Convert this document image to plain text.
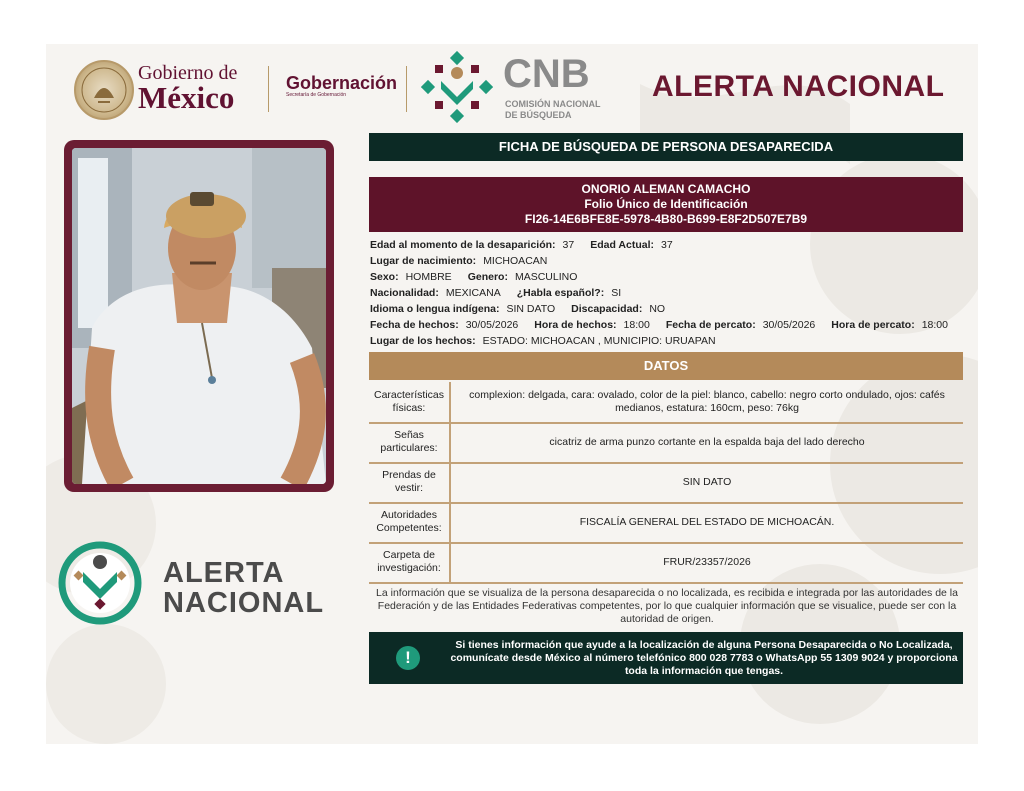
Gobierno de
México	Gobernación
Secretaría de Gobernación	CNB
COMISIÓN NACIONAL
DE BÚSQUEDA
ALERTA NACIONAL
ALERTA
NACIONAL
FICHA DE BÚSQUEDA DE PERSONA DESAPARECIDA
ONORIO ALEMAN CAMACHO
Folio Único de Identificación
FI26-14E6BFE8E-5978-4B80-B699-E8F2D507E7B9
Edad al momento de la desaparición: 37 Edad Actual: 37
Lugar de nacimiento: MICHOACAN
Sexo: HOMBRE Genero: MASCULINO
Nacionalidad: MEXICANA ¿Habla español?: SI
Idioma o lengua indígena: SIN DATO Discapacidad: NO
Fecha de hechos: 30/05/2026 Hora de hechos: 18:00 Fecha de percato: 30/05/2026 Hora de percato: 18:00
Lugar de los hechos: ESTADO: MICHOACAN , MUNICIPIO: URUAPAN
DATOS
Características físicas:
complexion: delgada, cara: ovalado, color de la piel: blanco, cabello: negro corto ondulado, ojos: cafés medianos, estatura: 160cm, peso: 76kg
Señas particulares:
cicatriz de arma punzo cortante en la espalda baja del lado derecho
Prendas de vestir:
SIN DATO
Autoridades Competentes:
FISCALÍA GENERAL DEL ESTADO DE MICHOACÁN.
Carpeta de investigación:
FRUR/23357/2026
La información que se visualiza de la persona desaparecida o no localizada, es recibida e integrada por las autoridades de la Federación y de las Entidades Federativas competentes, por lo que cualquier información que se visualice, puede ser con la autoridad de origen.
!
Si tienes información que ayude a la localización de alguna Persona Desaparecida o No Localizada, comunícate desde México al número telefónico 800 028 7783 o WhatsApp 55 1309 9024 y proporciona toda la información que tengas.
